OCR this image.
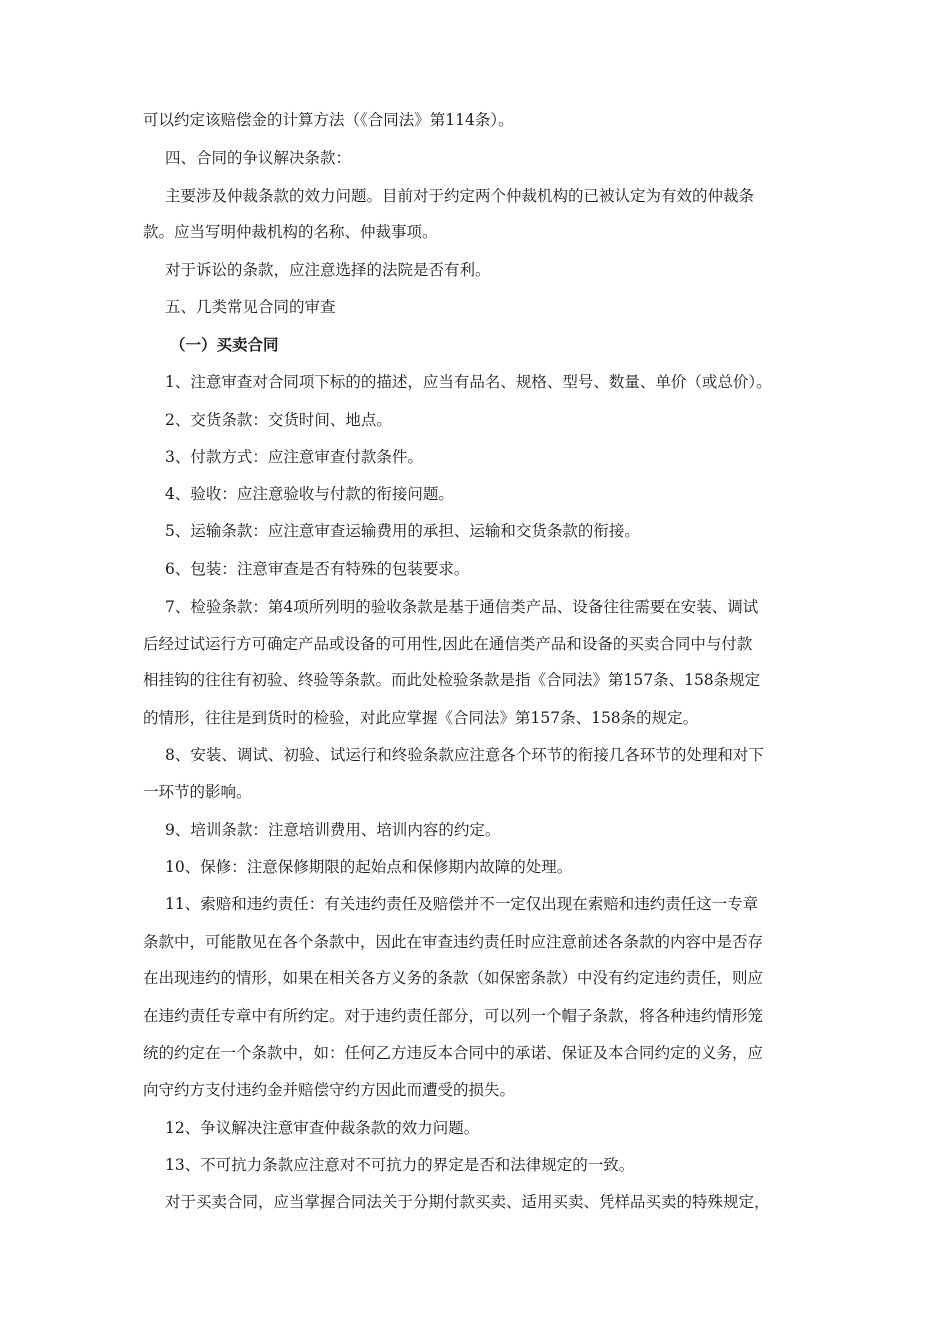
可以约定该赔偿金的计算方法（《合同法》第114条）。
四、合同的争议解决条款：
主要涉及仲裁条款的效力问题。目前对于约定两个仲裁机构的已被认定为有效的仲裁条
款。应当写明仲裁机构的名称、仲裁事项。
对于诉讼的条款，应注意选择的法院是否有利。
五、几类常见合同的审查
（一）买卖合同
1、注意审查对合同项下标的的描述，应当有品名、规格、型号、数量、单价（或总价）。
2、交货条款：交货时间、地点。
3、付款方式：应注意审查付款条件。
4、验收：应注意验收与付款的衔接问题。
5、运输条款：应注意审查运输费用的承担、运输和交货条款的衔接。
6、包装：注意审查是否有特殊的包装要求。
7、检验条款：第4项所列明的验收条款是基于通信类产品、设备往往需要在安装、调试
后经过试运行方可确定产品或设备的可用性,因此在通信类产品和设备的买卖合同中与付款
相挂钩的往往有初验、终验等条款。而此处检验条款是指《合同法》第157条、158条规定
的情形，往往是到货时的检验，对此应掌握《合同法》第157条、158条的规定。
8、安装、调试、初验、试运行和终验条款应注意各个环节的衔接几各环节的处理和对下
一环节的影响。
9、培训条款：注意培训费用、培训内容的约定。
10、保修：注意保修期限的起始点和保修期内故障的处理。
11、索赔和违约责任：有关违约责任及赔偿并不一定仅出现在索赔和违约责任这一专章
条款中，可能散见在各个条款中，因此在审查违约责任时应注意前述各条款的内容中是否存
在出现违约的情形，如果在相关各方义务的条款（如保密条款）中没有约定违约责任，则应
在违约责任专章中有所约定。对于违约责任部分，可以列一个帽子条款，将各种违约情形笼
统的约定在一个条款中，如：任何乙方违反本合同中的承诺、保证及本合同约定的义务，应
向守约方支付违约金并赔偿守约方因此而遭受的损失。
12、争议解决注意审查仲裁条款的效力问题。
13、不可抗力条款应注意对不可抗力的界定是否和法律规定的一致。
对于买卖合同，应当掌握合同法关于分期付款买卖、适用买卖、凭样品买卖的特殊规定，
